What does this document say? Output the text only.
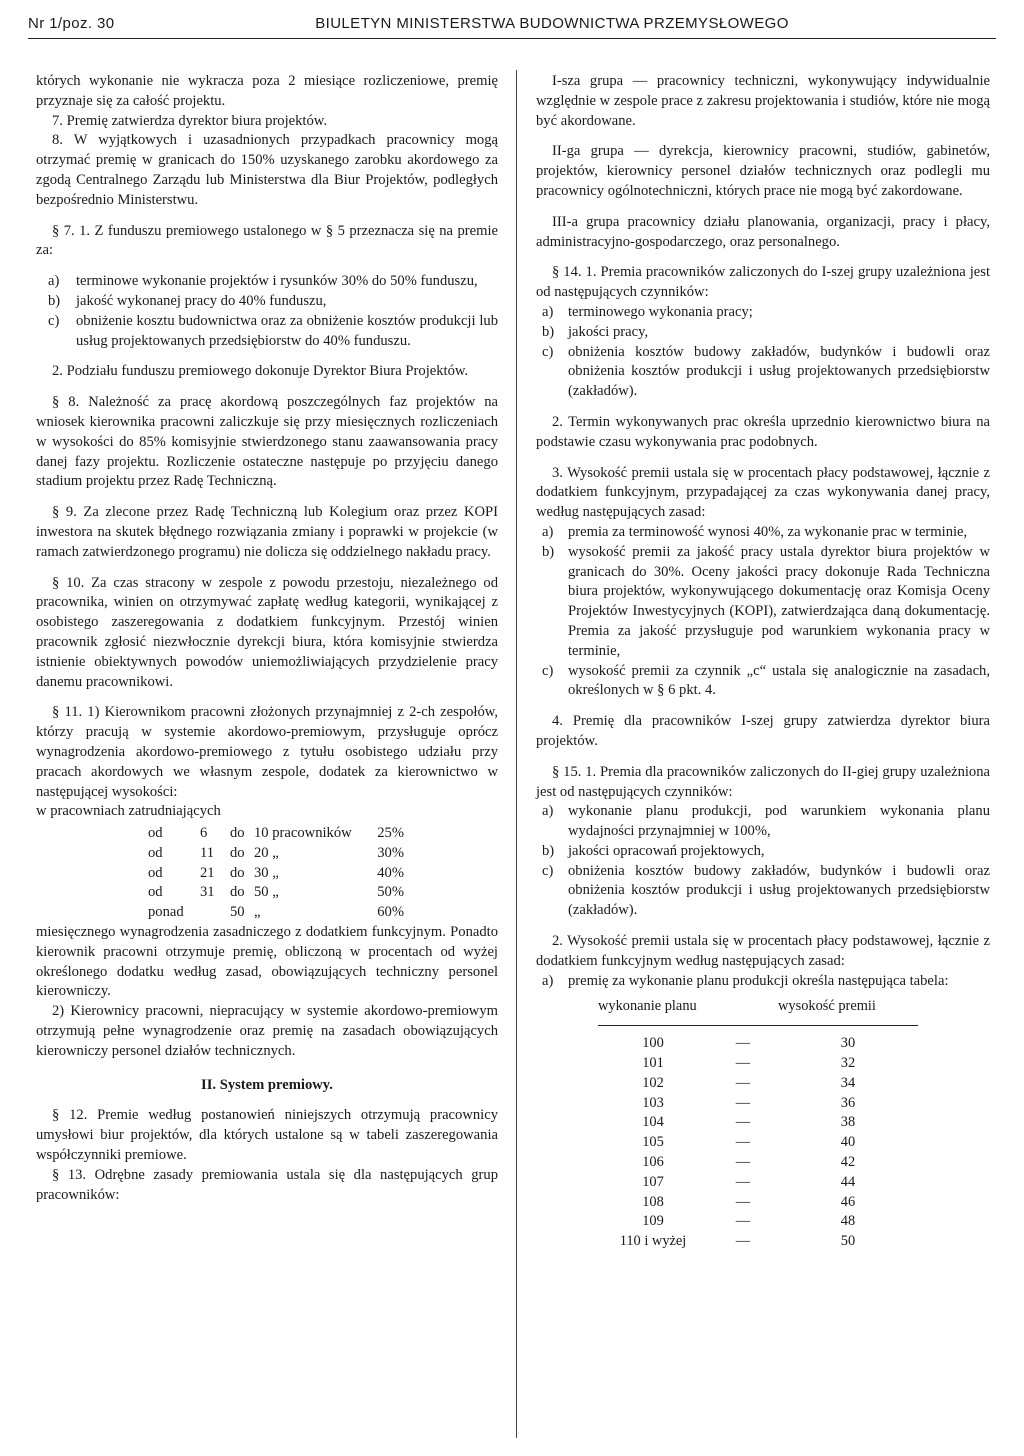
Nr 1/poz. 30	BIULETYN MINISTERSTWA BUDOWNICTWA PRZEMYSŁOWEGO

których wykonanie nie wykracza poza 2 miesiące rozliczeniowe, premię przyznaje się za całość projektu.

7. Premię zatwierdza dyrektor biura projektów.

8. W wyjątkowych i uzasadnionych przypadkach pracownicy mogą otrzymać premię w granicach do 150% uzyskanego zarobku akordowego za zgodą Centralnego Zarządu lub Ministerstwa dla Biur Projektów, podległych bezpośrednio Ministerstwu.

§ 7. 1. Z funduszu premiowego ustalonego w § 5 przeznacza się na premie za:

a)	terminowe wykonanie projektów i rysunków 30% do 50% funduszu,
b)	jakość wykonanej pracy do 40% funduszu,
c)	obniżenie kosztu budownictwa oraz za obniżenie kosztów produkcji lub usług projektowanych przedsiębiorstw do 40% funduszu.

2. Podziału funduszu premiowego dokonuje Dyrektor Biura Projektów.

§ 8. Należność za pracę akordową poszczególnych faz projektów na wniosek kierownika pracowni zaliczkuje się przy miesięcznych rozliczeniach w wysokości do 85% komisyjnie stwierdzonego stanu zaawansowania pracy danej fazy projektu. Rozliczenie ostateczne następuje po przyjęciu danego stadium projektu przez Radę Techniczną.

§ 9. Za zlecone przez Radę Techniczną lub Kolegium oraz przez KOPI inwestora na skutek błędnego rozwiązania zmiany i poprawki w projekcie (w ramach zatwierdzonego programu) nie dolicza się oddzielnego nakładu pracy.

§ 10. Za czas stracony w zespole z powodu przestoju, niezależnego od pracownika, winien on otrzymywać zapłatę według kategorii, wynikającej z osobistego zaszeregowania z dodatkiem funkcyjnym. Przestój winien pracownik zgłosić niezwłocznie dyrekcji biura, która komisyjnie stwierdza istnienie obiektywnych powodów uniemożliwiających przydzielenie pracy danemu pracownikowi.

§ 11. 1) Kierownikom pracowni złożonych przynajmniej z 2-ch zespołów, którzy pracują w systemie akordowo-premiowym, przysługuje oprócz wynagrodzenia akordowo-premiowego z tytułu osobistego udziału przy pracach akordowych we własnym zespole, dodatek za kierownictwo w następującej wysokości:

w pracowniach zatrudniających

od	6	do 10 pracowników	25%
od	11	do 20 „	30%
od	21	do 30 „	40%
od	31	do 50 „	50%
ponad	50 „	60%

miesięcznego wynagrodzenia zasadniczego z dodatkiem funkcyjnym. Ponadto kierownik pracowni otrzymuje premię, obliczoną w procentach od wyżej określonego dodatku według zasad, obowiązujących techniczny personel kierowniczy.

2) Kierownicy pracowni, niepracujący w systemie akordowo-premiowym otrzymują pełne wynagrodzenie oraz premię na zasadach obowiązujących kierowniczy personel działów technicznych.

II. System premiowy.

§ 12. Premie według postanowień niniejszych otrzymują pracownicy umysłowi biur projektów, dla których ustalone są w tabeli zaszeregowania współczynniki premiowe.

§ 13. Odrębne zasady premiowania ustala się dla następujących grup pracowników:

I-sza grupa — pracownicy techniczni, wykonywujący indywidualnie względnie w zespole prace z zakresu projektowania i studiów, które nie mogą być akordowane.

II-ga grupa — dyrekcja, kierownicy pracowni, studiów, gabinetów, projektów, kierownicy personel działów technicznych oraz podlegli mu pracownicy ogólnotechniczni, których prace nie mogą być zakordowane.

III-a grupa pracownicy działu planowania, organizacji, pracy i płacy, administracyjno-gospodarczego, oraz personalnego.

§ 14. 1. Premia pracowników zaliczonych do I-szej grupy uzależniona jest od następujących czynników:

a)	terminowego wykonania pracy;
b) jakości pracy,
c)	obniżenia kosztów budowy zakładów, budynków i budowli oraz obniżenia kosztów produkcji i usług projektowanych przedsiębiorstw (zakładów).

2. Termin wykonywanych prac określa uprzednio kierownictwo biura na podstawie czasu wykonywania prac podobnych.

3. Wysokość premii ustala się w procentach płacy podstawowej, łącznie z dodatkiem funkcyjnym, przypadającej za czas wykonywania danej pracy, według następujących zasad:

a)	premia za terminowość wynosi 40%, za wykonanie prac w terminie,
b) wysokość premii za jakość pracy ustala dyrektor biura projektów w granicach do 30%. Oceny jakości pracy dokonuje Rada Techniczna biura projektów, wykonywującego dokumentację oraz Komisja Oceny Projektów Inwestycyjnych (KOPI), zatwierdzająca daną dokumentację. Premia za jakość przysługuje pod warunkiem wykonania pracy w terminie,
c)	wysokość premii za czynnik „c“ ustala się analogicznie na zasadach, określonych w § 6 pkt. 4.

4. Premię dla pracowników I-szej grupy zatwierdza dyrektor biura projektów.

§ 15. 1. Premia dla pracowników zaliczonych do II-giej grupy uzależniona jest od następujących czynników:

a)	wykonanie planu produkcji, pod warunkiem wykonania planu wydajności przynajmniej w 100%,
b) jakości opracowań projektowych,
c)	obniżenia kosztów budowy zakładów, budynków i budowli oraz obniżenia kosztów produkcji i usług projektowanych przedsiębiorstw (zakładów).

2. Wysokość premii ustala się w procentach płacy podstawowej, łącznie z dodatkiem funkcyjnym według następujących zasad:

a)	premię za wykonanie planu produkcji określa następująca tabela:
wykonanie planu		wysokość premii
100	—	30
101	—	32
102	—	34
103	—	36
104	—	38
105	—	40
106	—	42
107	—	44
108	—	46
109	—	48
110 i wyżej	—	50
